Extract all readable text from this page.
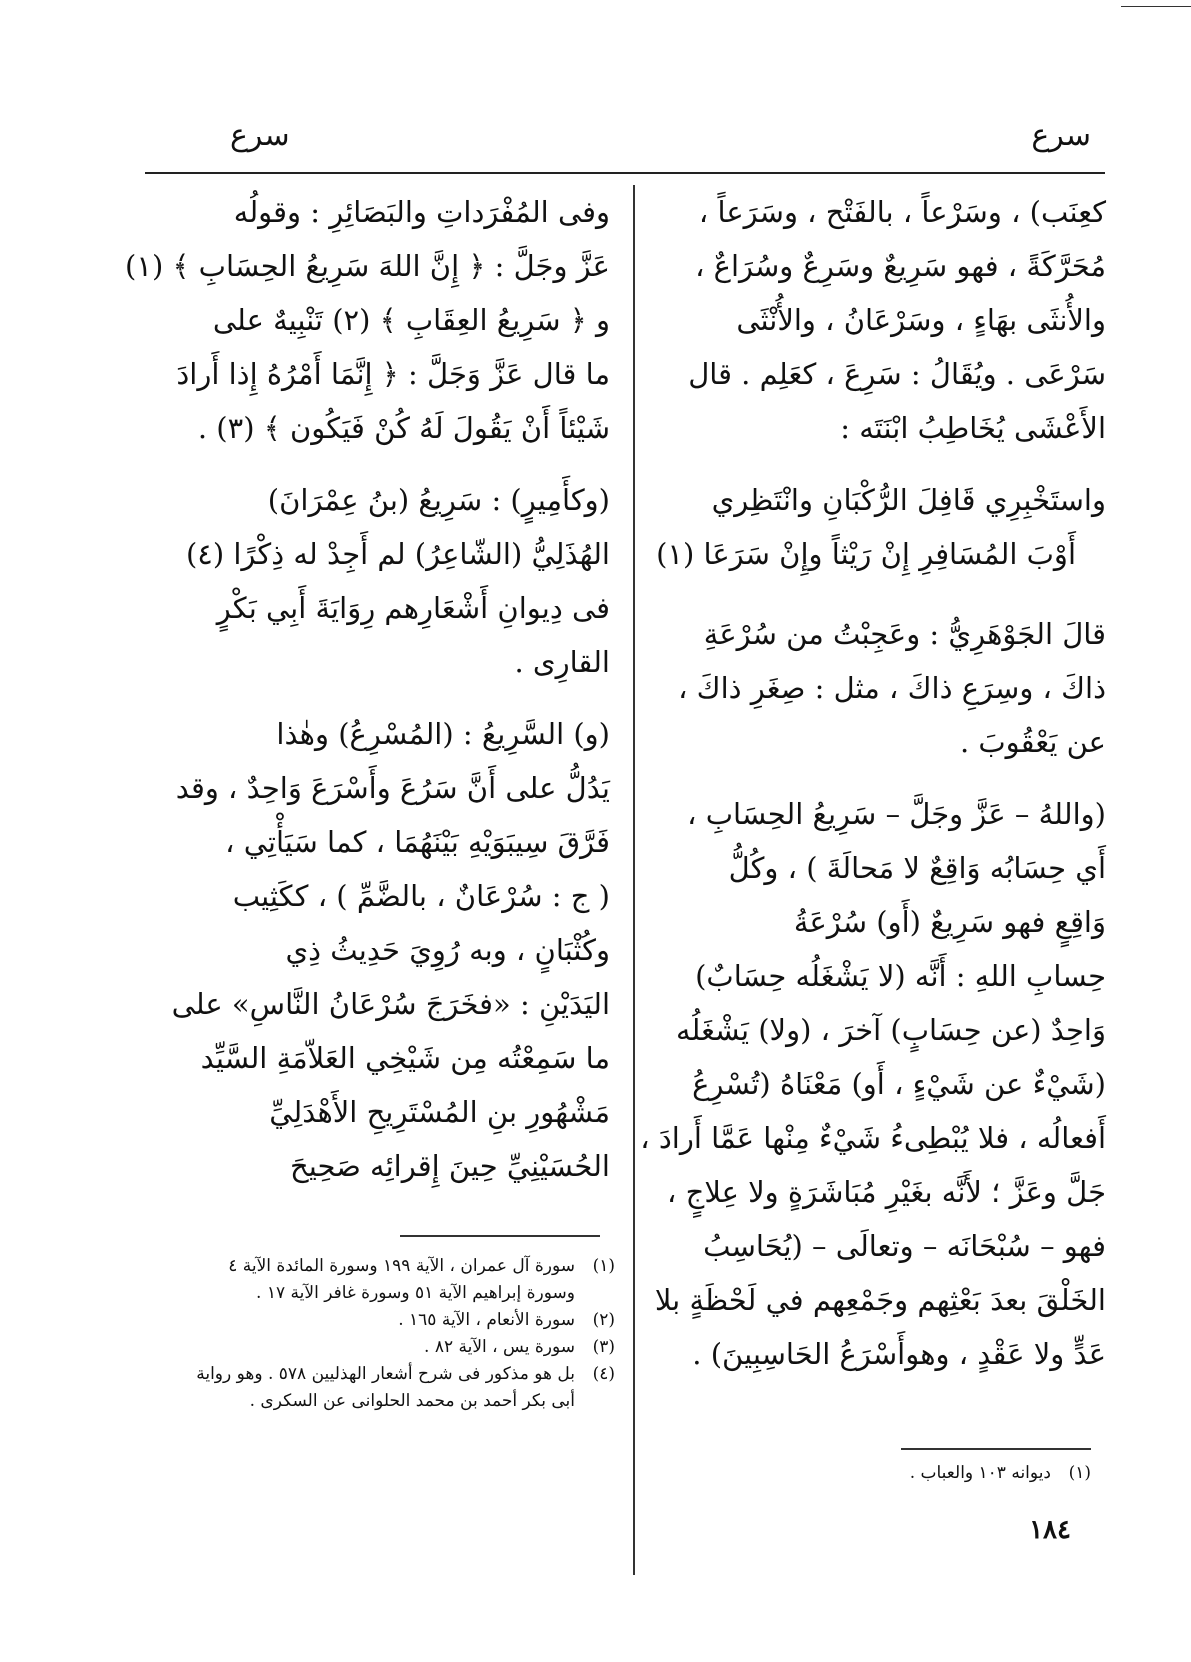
سرع
سرع

كعِنَب) ، وسَرْعاً ، بالفَتْح ، وسَرَعاً ،
مُحَرَّكَةً ، فهو سَرِيعٌ وسَرِعٌ وسُرَاعٌ ،
والأُنثَى بهَاءٍ ، وسَرْعَانُ ، والأُنْثَى
سَرْعَى . ويُقَالُ : سَرِعَ ، كعَلِم . قال
الأَعْشَى يُخَاطِبُ ابْنَتَه :

واستَخْبِرِي قَافِلَ الرُّكْبَانِ وانْتَظِري
أَوْبَ المُسَافِرِ إِنْ رَيْثاً وإِنْ سَرَعَا (١)

قالَ الجَوْهَرِيُّ : وعَجِبْتُ من سُرْعَةِ
ذاكَ ، وسِرَعِ ذاكَ ، مثل : صِغَرِ ذاكَ ،
عن يَعْقُوبَ .

(واللهُ – عَزَّ وجَلَّ – سَرِيعُ الحِسَابِ ،
أَي حِسَابُه وَاقِعٌ لا مَحالَةَ ) ، وكُلُّ
وَاقِعٍ فهو سَرِيعٌ (أَو) سُرْعَةُ
حِسابِ اللهِ : أَنَّه (لا يَشْغَلُه حِسَابٌ)
وَاحِدٌ (عن حِسَابٍ) آخرَ ، (ولا) يَشْغَلُه
(شَيْءٌ عن شَيْءٍ ، أَو) مَعْنَاهُ (تُسْرِعُ
أَفعالُه ، فلا يُبْطِىءُ شَيْءٌ مِنْها عَمَّا أَرادَ ،
جَلَّ وعَزَّ ؛ لأَنَّه بغَيْرِ مُبَاشَرَةٍ ولا عِلاجٍ ،
فهو – سُبْحَانَه – وتعالَى – (يُحَاسِبُ
الخَلْقَ بعدَ بَعْثِهم وجَمْعِهم في لَحْظَةٍ بلا
عَدٍّ ولا عَقْدٍ ، وهوأَسْرَعُ الحَاسِبِينَ) .

وفى المُفْرَداتِ والبَصَائِرِ : وقولُه
عَزَّ وجَلَّ : ﴿ إِنَّ اللهَ سَرِيعُ الحِسَابِ ﴾ (١)
و ﴿ سَرِيعُ العِقَابِ ﴾ (٢) تَنْبِيهٌ على
ما قال عَزَّ وَجَلَّ : ﴿ إِنَّمَا أَمْرُهُ إِذا أَرادَ
شَيْئاً أَنْ يَقُولَ لَهُ كُنْ فَيَكُون ﴾ (٣) .

(وكأَمِيرٍ) : سَرِيعُ (بنُ عِمْرَانَ)
الهُذَلِيُّ (الشّاعِرُ) لم أَجِدْ له ذِكْرًا (٤)
فى دِيوانِ أَشْعَارِهم رِوَايَةَ أَبِي بَكْرٍ
القارِى .

(و) السَّرِيعُ : (المُسْرِعُ) وهٰذا
يَدُلُّ على أَنَّ سَرُعَ وأَسْرَعَ وَاحِدٌ ، وقد
فَرَّقَ سِيبَوَيْهِ بَيْنَهُمَا ، كما سَيَأْتِي ،
( ج : سُرْعَانٌ ، بالضَّمِّ ) ، ككَثِيب
وكُثْبَانٍ ، وبه رُوِيَ حَدِيثُ ذِي
اليَدَيْنِ : «فخَرَجَ سُرْعَانُ النَّاسِ» على
ما سَمِعْتُه مِن شَيْخِي العَلاّمَةِ السَّيِّد
مَشْهُورِ بنِ المُسْتَرِيحِ الأَهْدَلِيِّ
الحُسَيْنِيِّ حِينَ إِقرائِه صَحِيحَ

(١)
سورة آل عمران ، الآية ١٩٩ وسورة المائدة الآية ٤ وسورة إبراهيم الآية ٥١ وسورة غافر الآية ١٧ .
(٢)
سورة الأنعام ، الآية ١٦٥ .
(٣)
سورة يس ، الآية ٨٢ .
(٤)
بل هو مذكور فى شرح أشعار الهذليين ٥٧٨ . وهو رواية أبى بكر أحمد بن محمد الحلوانى عن السكرى .
(١)
ديوانه ١٠٣ والعباب .
١٨٤
